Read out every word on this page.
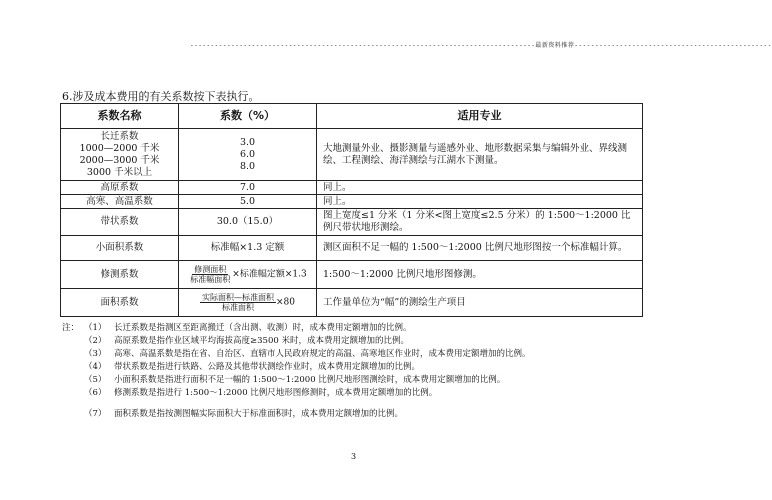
------------------------------------------------------------------------------------最新资料推荐------------------------------------------------
6.涉及成本费用的有关系数按下表执行。
系数名称	系数（%）	适用专业

长迁系数
1000—2000 千米
2000—3000 千米
3000 千米以上	3.0
6.0
8.0	大地测量外业、摄影测量与遥感外业、地形数据采集与编辑外业、界线测绘、工程测绘、海洋测绘与江湖水下测量。
高原系数	7.0	同上。
高寒、高温系数	5.0	同上。
带状系数	30.0（15.0）	图上宽度≤1 分米（1 分米<图上宽度≤2.5 分米）的 1:500～1:2000 比例尺带状地形测绘。
小面积系数	标准幅×1.3 定额	测区面积不足一幅的 1:500～1:2000 比例尺地形图按一个标准幅计算。
修测系数	$\frac{\text{修测面积}}{\text{标准幅面积}}$ ×标准幅定额×1.3	1:500～1:2000 比例尺地形图修测。
面积系数	$\frac{\text{实际面积—标准面积}}{\text{标准面积}} \times 80$	工作量单位为“幅”的测绘生产项目
注： （1） 长迁系数是指测区至距离搬迁（含出测、收测）时，成本费用定额增加的比例。
（2） 高原系数是指作业区域平均海拔高度≥3500 米时，成本费用定额增加的比例。
（3） 高寒、高温系数是指在省、自治区、直辖市人民政府规定的高温、高寒地区作业时，成本费用定额增加的比例。
（4） 带状系数是指进行铁路、公路及其他带状测绘作业时，成本费用定额增加的比例。
（5） 小面积系数是指进行面积不足一幅的 1:500～1:2000 比例尺地形图测绘时，成本费用定额增加的比例。
（6） 修测系数是指进行 1:500～1:2000 比例尺地形图修测时，成本费用定额增加的比例。
（7） 面积系数是指按测图幅实际面积大于标准面积时，成本费用定额增加的比例。
3
